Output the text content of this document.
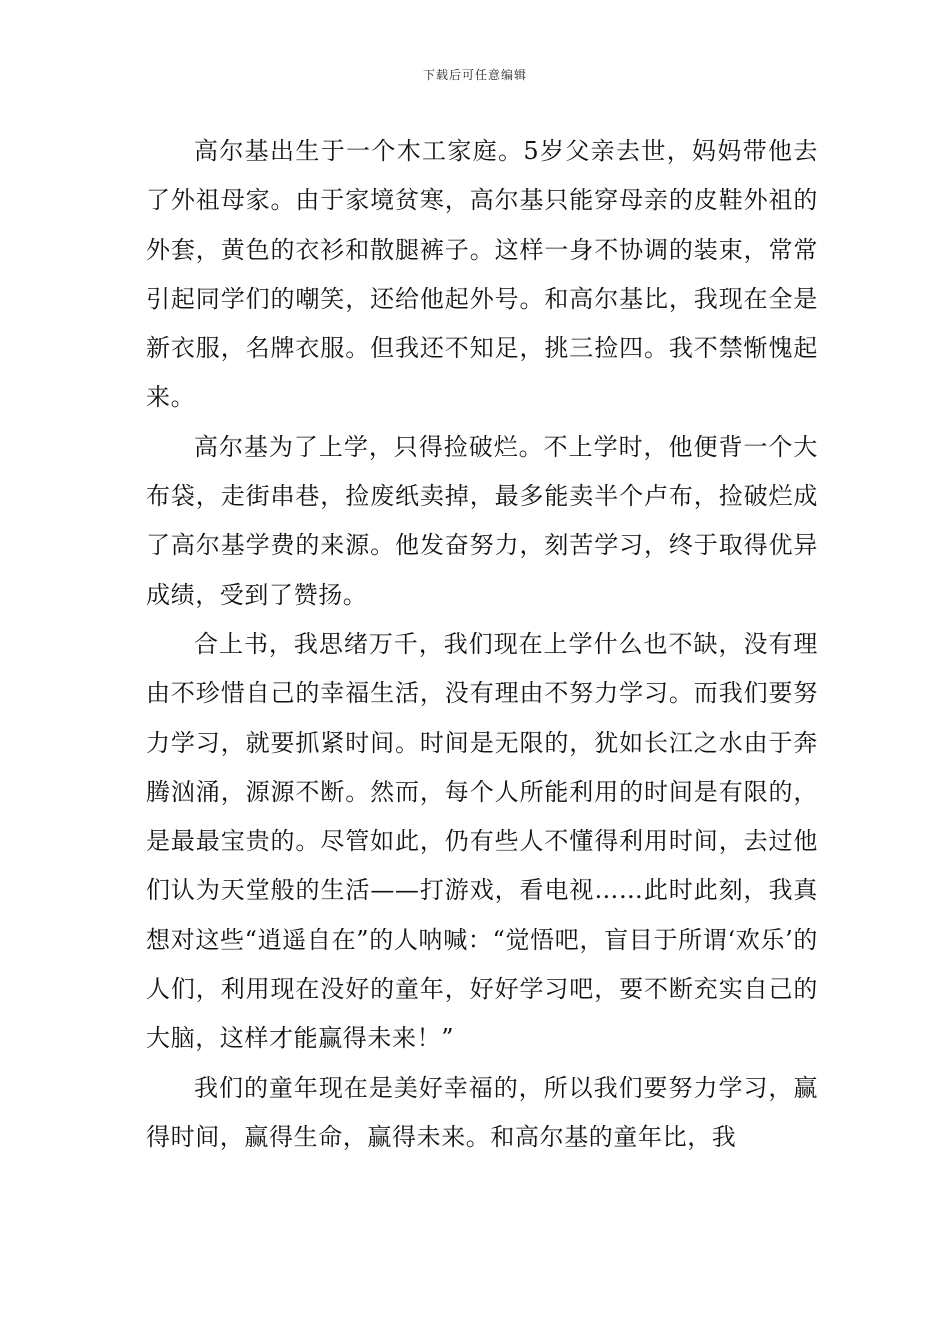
下载后可任意编辑

高尔基出生于一个木工家庭。5岁父亲去世，妈妈带他去了外祖母家。由于家境贫寒，高尔基只能穿母亲的皮鞋外祖的外套，黄色的衣衫和散腿裤子。这样一身不协调的装束，常常引起同学们的嘲笑，还给他起外号。和高尔基比，我现在全是新衣服，名牌衣服。但我还不知足，挑三捡四。我不禁惭愧起来。

高尔基为了上学，只得捡破烂。不上学时，他便背一个大布袋，走街串巷，捡废纸卖掉，最多能卖半个卢布，捡破烂成了高尔基学费的来源。他发奋努力，刻苦学习，终于取得优异成绩，受到了赞扬。

合上书，我思绪万千，我们现在上学什么也不缺，没有理由不珍惜自己的幸福生活，没有理由不努力学习。而我们要努力学习，就要抓紧时间。时间是无限的，犹如长江之水由于奔腾汹涌，源源不断。然而，每个人所能利用的时间是有限的，是最最宝贵的。尽管如此，仍有些人不懂得利用时间，去过他们认为天堂般的生活——打游戏，看电视……此时此刻，我真想对这些“逍遥自在”的人呐喊：“觉悟吧，盲目于所谓‘欢乐’的人们，利用现在没好的童年，好好学习吧，要不断充实自己的大脑，这样才能赢得未来！”

我们的童年现在是美好幸福的，所以我们要努力学习，赢得时间，赢得生命，赢得未来。和高尔基的童年比，我
